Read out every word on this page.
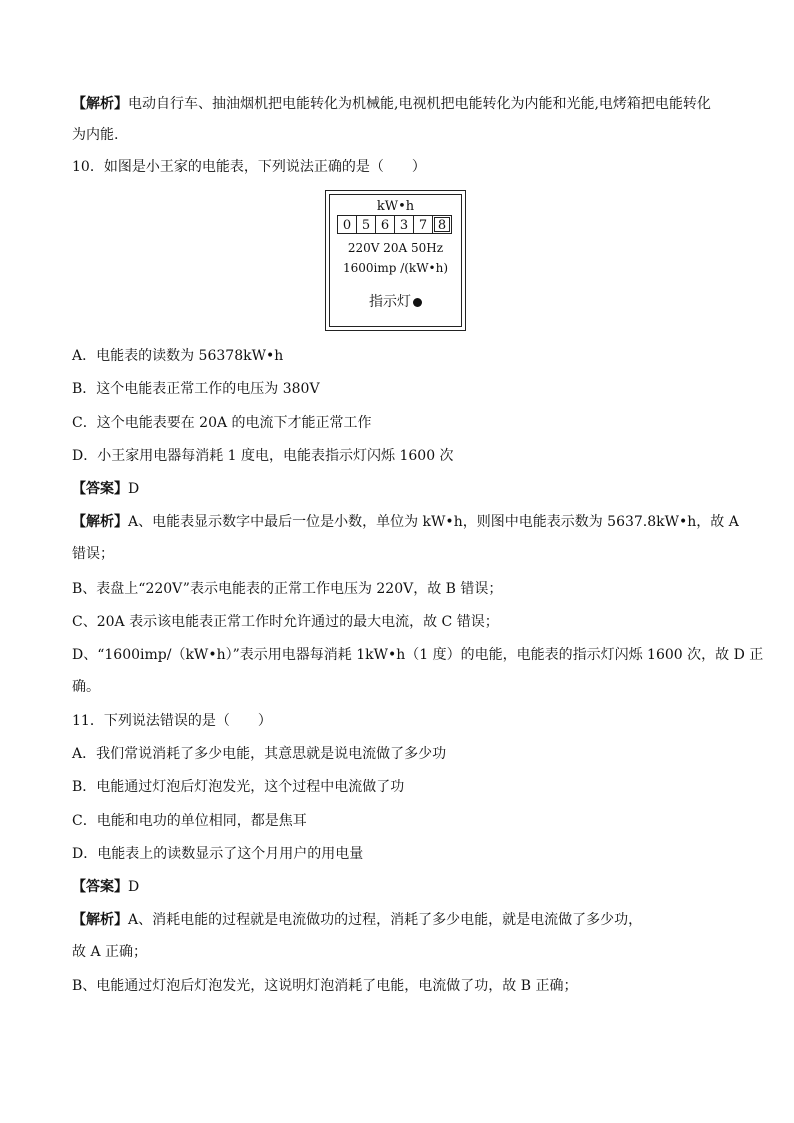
【解析】电动自行车、抽油烟机把电能转化为机械能,电视机把电能转化为内能和光能,电烤箱把电能转化
为内能.
10．如图是小王家的电能表，下列说法正确的是（　　）
kW•h
0 5 6 3 7 8
220V 20A 50Hz
1600imp /(kW•h)
指示灯
A．电能表的读数为 56378kW•h
B．这个电能表正常工作的电压为 380V
C．这个电能表要在 20A 的电流下才能正常工作
D．小王家用电器每消耗 1 度电，电能表指示灯闪烁 1600 次
【答案】D
【解析】A、电能表显示数字中最后一位是小数，单位为 kW•h，则图中电能表示数为 5637.8kW•h，故 A
错误；
B、表盘上“220V”表示电能表的正常工作电压为 220V，故 B 错误；
C、20A 表示该电能表正常工作时允许通过的最大电流，故 C 错误；
D、“1600imp/（kW•h）”表示用电器每消耗 1kW•h（1 度）的电能，电能表的指示灯闪烁 1600 次，故 D 正
确。
11．下列说法错误的是（　　）
A．我们常说消耗了多少电能，其意思就是说电流做了多少功
B．电能通过灯泡后灯泡发光，这个过程中电流做了功
C．电能和电功的单位相同，都是焦耳
D．电能表上的读数显示了这个月用户的用电量
【答案】D
【解析】A、消耗电能的过程就是电流做功的过程，消耗了多少电能，就是电流做了多少功，
故 A 正确；
B、电能通过灯泡后灯泡发光，这说明灯泡消耗了电能，电流做了功，故 B 正确；
